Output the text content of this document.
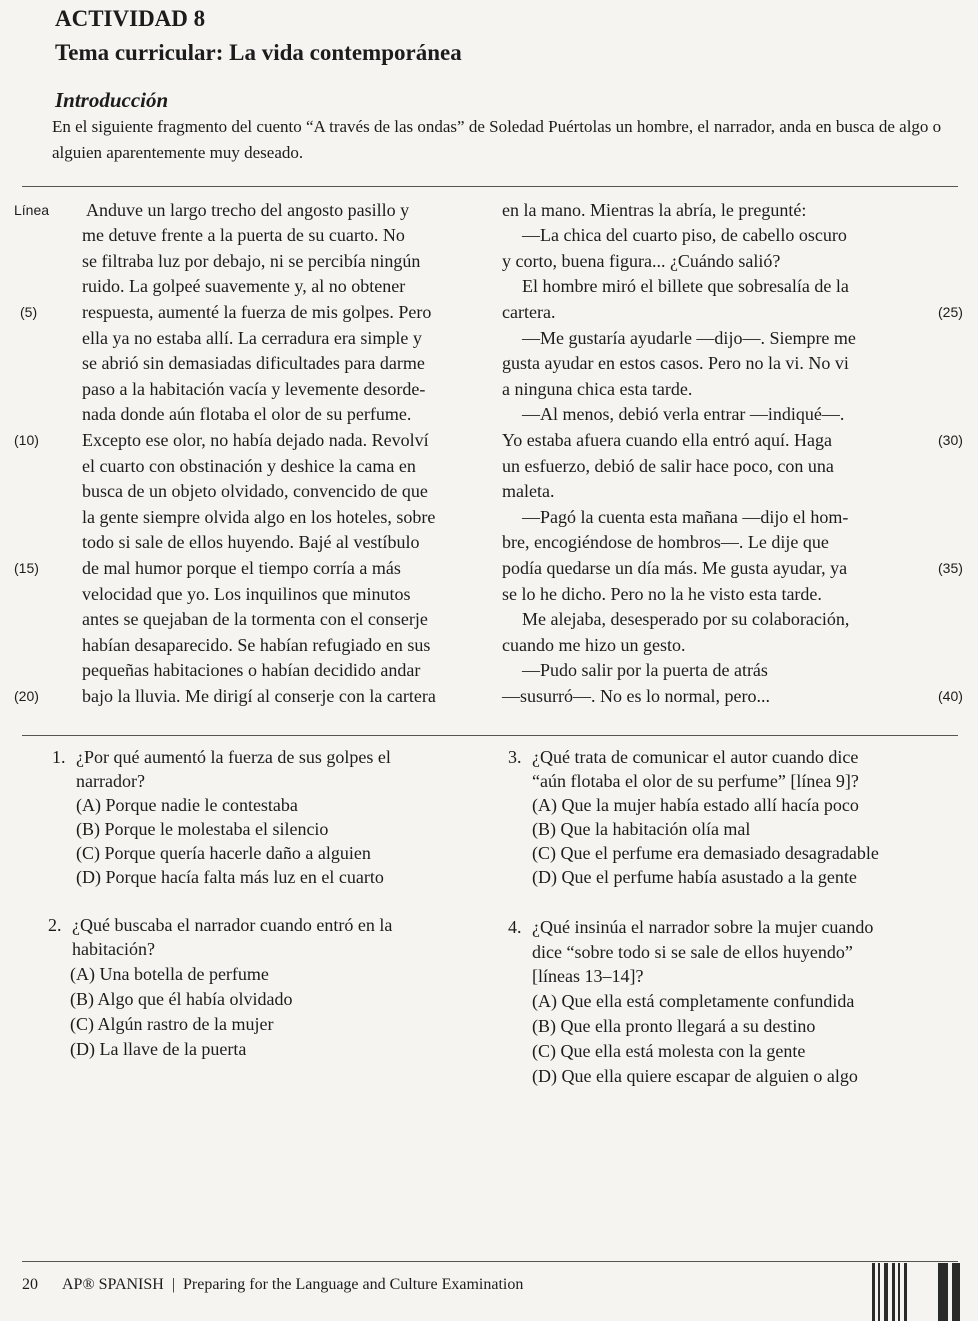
ACTIVIDAD 8
Tema curricular: La vida contemporánea
Introducción
En el siguiente fragmento del cuento “A través de las ondas” de Soledad Puértolas un hombre, el narrador, anda en busca de algo o alguien aparentemente muy deseado.
Línea Anduve un largo trecho del angosto pasillo y
me detuve frente a la puerta de su cuarto. No
se filtraba luz por debajo, ni se percibía ningún
ruido. La golpeé suavemente y, al no obtener
respuesta, aumenté la fuerza de mis golpes. Pero
ella ya no estaba allí. La cerradura era simple y
se abrió sin demasiadas dificultades para darme
paso a la habitación vacía y levemente desorde-
nada donde aún flotaba el olor de su perfume.
Excepto ese olor, no había dejado nada. Revolví
el cuarto con obstinación y deshice la cama en
busca de un objeto olvidado, convencido de que
la gente siempre olvida algo en los hoteles, sobre
todo si sale de ellos huyendo. Bajé al vestíbulo
de mal humor porque el tiempo corría a más
velocidad que yo. Los inquilinos que minutos
antes se quejaban de la tormenta con el conserje
habían desaparecido. Se habían refugiado en sus
pequeñas habitaciones o habían decidido andar
bajo la lluvia. Me dirigí al conserje con la cartera
(5)
(10)
(15)
(20)
en la mano. Mientras la abría, le pregunté:
—La chica del cuarto piso, de cabello oscuro
y corto, buena figura... ¿Cuándo salió?
El hombre miró el billete que sobresalía de la
cartera.
—Me gustaría ayudarle —dijo—. Siempre me
gusta ayudar en estos casos. Pero no la vi. No vi
a ninguna chica esta tarde.
—Al menos, debió verla entrar —indiqué—.
Yo estaba afuera cuando ella entró aquí. Haga
un esfuerzo, debió de salir hace poco, con una
maleta.
—Pagó la cuenta esta mañana —dijo el hom-
bre, encogiéndose de hombros—. Le dije que
podía quedarse un día más. Me gusta ayudar, ya
se lo he dicho. Pero no la he visto esta tarde.
Me alejaba, desesperado por su colaboración,
cuando me hizo un gesto.
—Pudo salir por la puerta de atrás
—susurró—. No es lo normal, pero...
(25)
(30)
(35)
(40)
1. ¿Por qué aumentó la fuerza de sus golpes el
narrador?
(A) Porque nadie le contestaba
(B) Porque le molestaba el silencio
(C) Porque quería hacerle daño a alguien
(D) Porque hacía falta más luz en el cuarto
2. ¿Qué buscaba el narrador cuando entró en la
habitación?
(A) Una botella de perfume
(B) Algo que él había olvidado
(C) Algún rastro de la mujer
(D) La llave de la puerta
3. ¿Qué trata de comunicar el autor cuando dice
“aún flotaba el olor de su perfume” [línea 9]?
(A) Que la mujer había estado allí hacía poco
(B) Que la habitación olía mal
(C) Que el perfume era demasiado desagradable
(D) Que el perfume había asustado a la gente
4. ¿Qué insinúa el narrador sobre la mujer cuando
dice “sobre todo si se sale de ellos huyendo”
[líneas 13–14]?
(A) Que ella está completamente confundida
(B) Que ella pronto llegará a su destino
(C) Que ella está molesta con la gente
(D) Que ella quiere escapar de alguien o algo
20 AP® SPANISH  |  Preparing for the Language and Culture Examination
